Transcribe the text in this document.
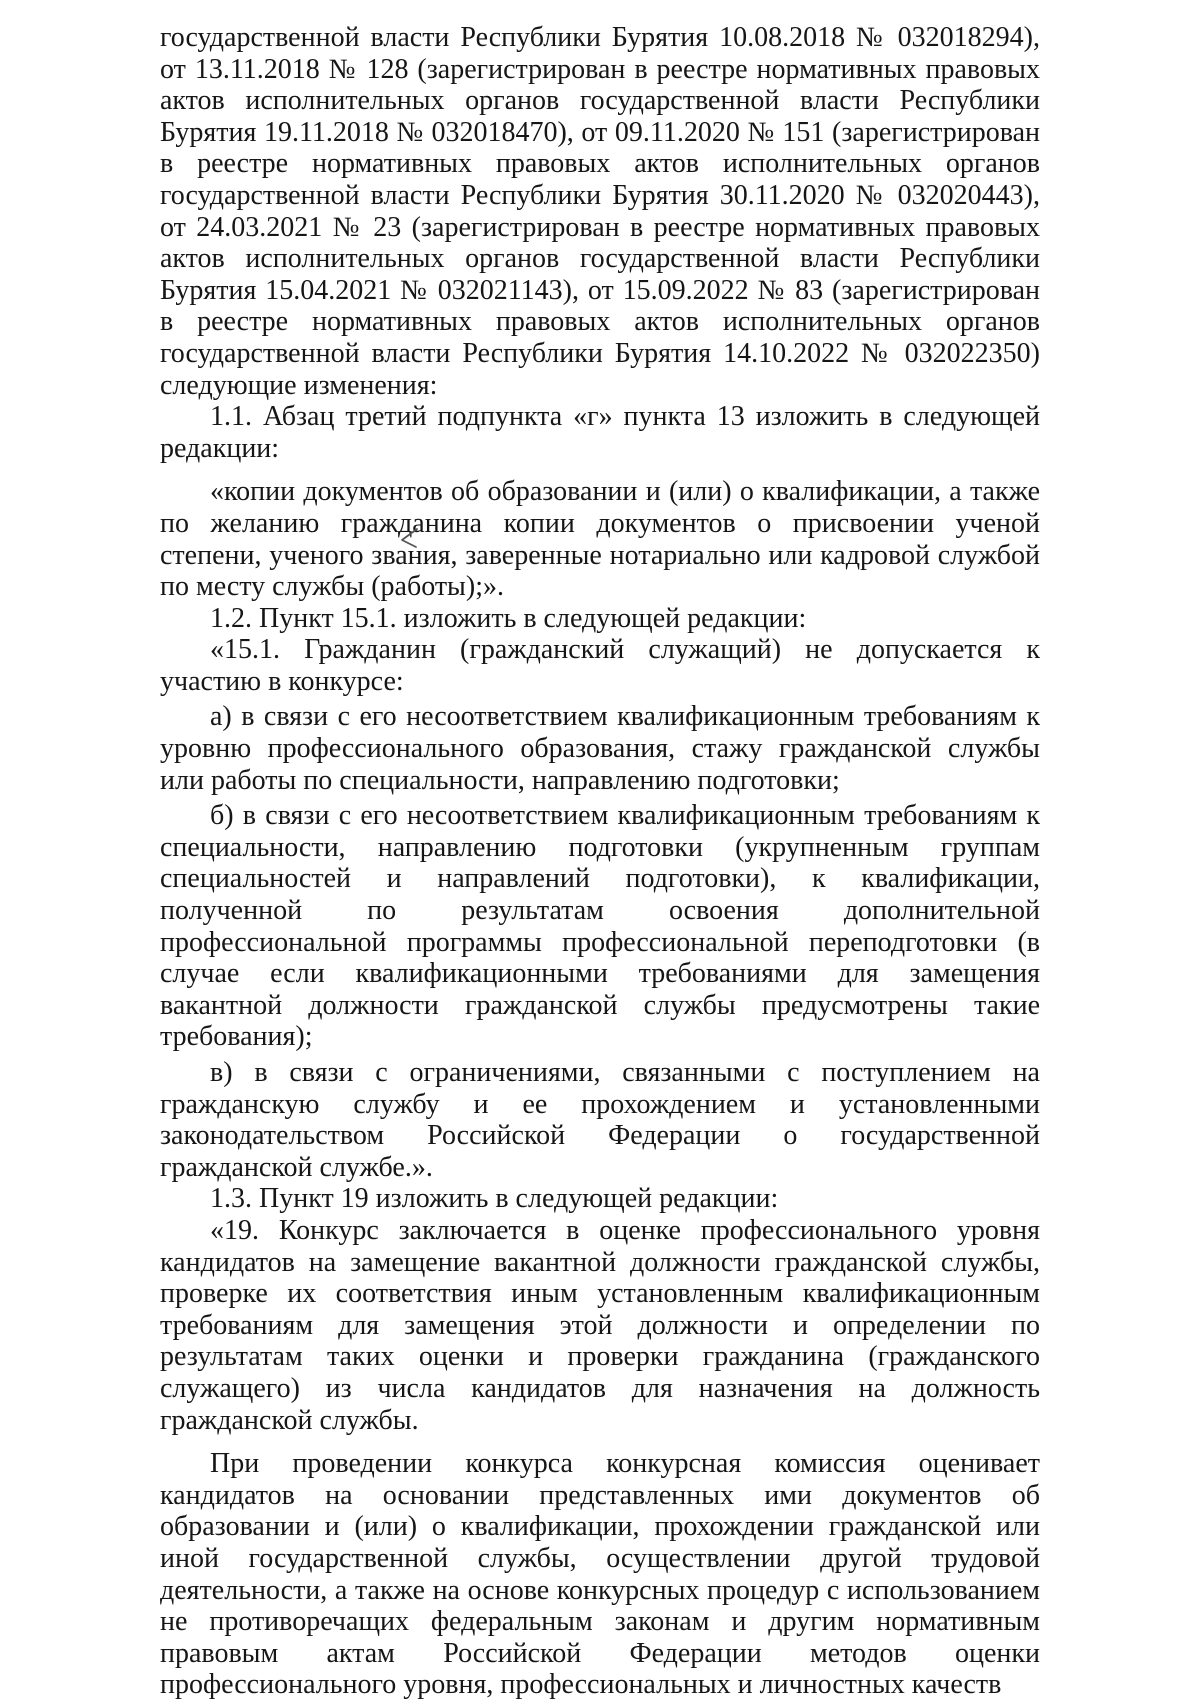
государственной власти Республики Бурятия 10.08.2018 № 032018294), от 13.11.2018 № 128 (зарегистрирован в реестре нормативных правовых актов исполнительных органов государственной власти Республики Бурятия 19.11.2018 № 032018470), от 09.11.2020 № 151 (зарегистрирован в реестре нормативных правовых актов исполнительных органов государственной власти Республики Бурятия 30.11.2020 № 032020443), от 24.03.2021 № 23 (зарегистрирован в реестре нормативных правовых актов исполнительных органов государственной власти Республики Бурятия 15.04.2021 № 032021143), от 15.09.2022 № 83 (зарегистрирован в реестре нормативных правовых актов исполнительных органов государственной власти Республики Бурятия 14.10.2022 № 032022350) следующие изменения:

1.1. Абзац третий подпункта «г» пункта 13 изложить в следующей редакции:

«копии документов об образовании и (или) о квалификации, а также по желанию гражданина копии документов о присвоении ученой степени, ученого звания, заверенные нотариально или кадровой службой по месту службы (работы);».

1.2. Пункт 15.1. изложить в следующей редакции:

«15.1. Гражданин (гражданский служащий) не допускается к участию в конкурсе:

а) в связи с его несоответствием квалификационным требованиям к уровню профессионального образования, стажу гражданской службы или работы по специальности, направлению подготовки;

б) в связи с его несоответствием квалификационным требованиям к специальности, направлению подготовки (укрупненным группам специальностей и направлений подготовки), к квалификации, полученной по результатам освоения дополнительной профессиональной программы профессиональной переподготовки (в случае если квалификационными требованиями для замещения вакантной должности гражданской службы предусмотрены такие требования);

в) в связи с ограничениями, связанными с поступлением на гражданскую службу и ее прохождением и установленными законодательством Российской Федерации о государственной гражданской службе.».

1.3. Пункт 19 изложить в следующей редакции:

«19. Конкурс заключается в оценке профессионального уровня кандидатов на замещение вакантной должности гражданской службы, проверке их соответствия иным установленным квалификационным требованиям для замещения этой должности и определении по результатам таких оценки и проверки гражданина (гражданского служащего) из числа кандидатов для назначения на должность гражданской службы.

При проведении конкурса конкурсная комиссия оценивает кандидатов на основании представленных ими документов об образовании и (или) о квалификации, прохождении гражданской или иной государственной службы, осуществлении другой трудовой деятельности, а также на основе конкурсных процедур с использованием не противоречащих федеральным законам и другим нормативным правовым актам Российской Федерации методов оценки профессионального уровня, профессиональных и личностных качеств
